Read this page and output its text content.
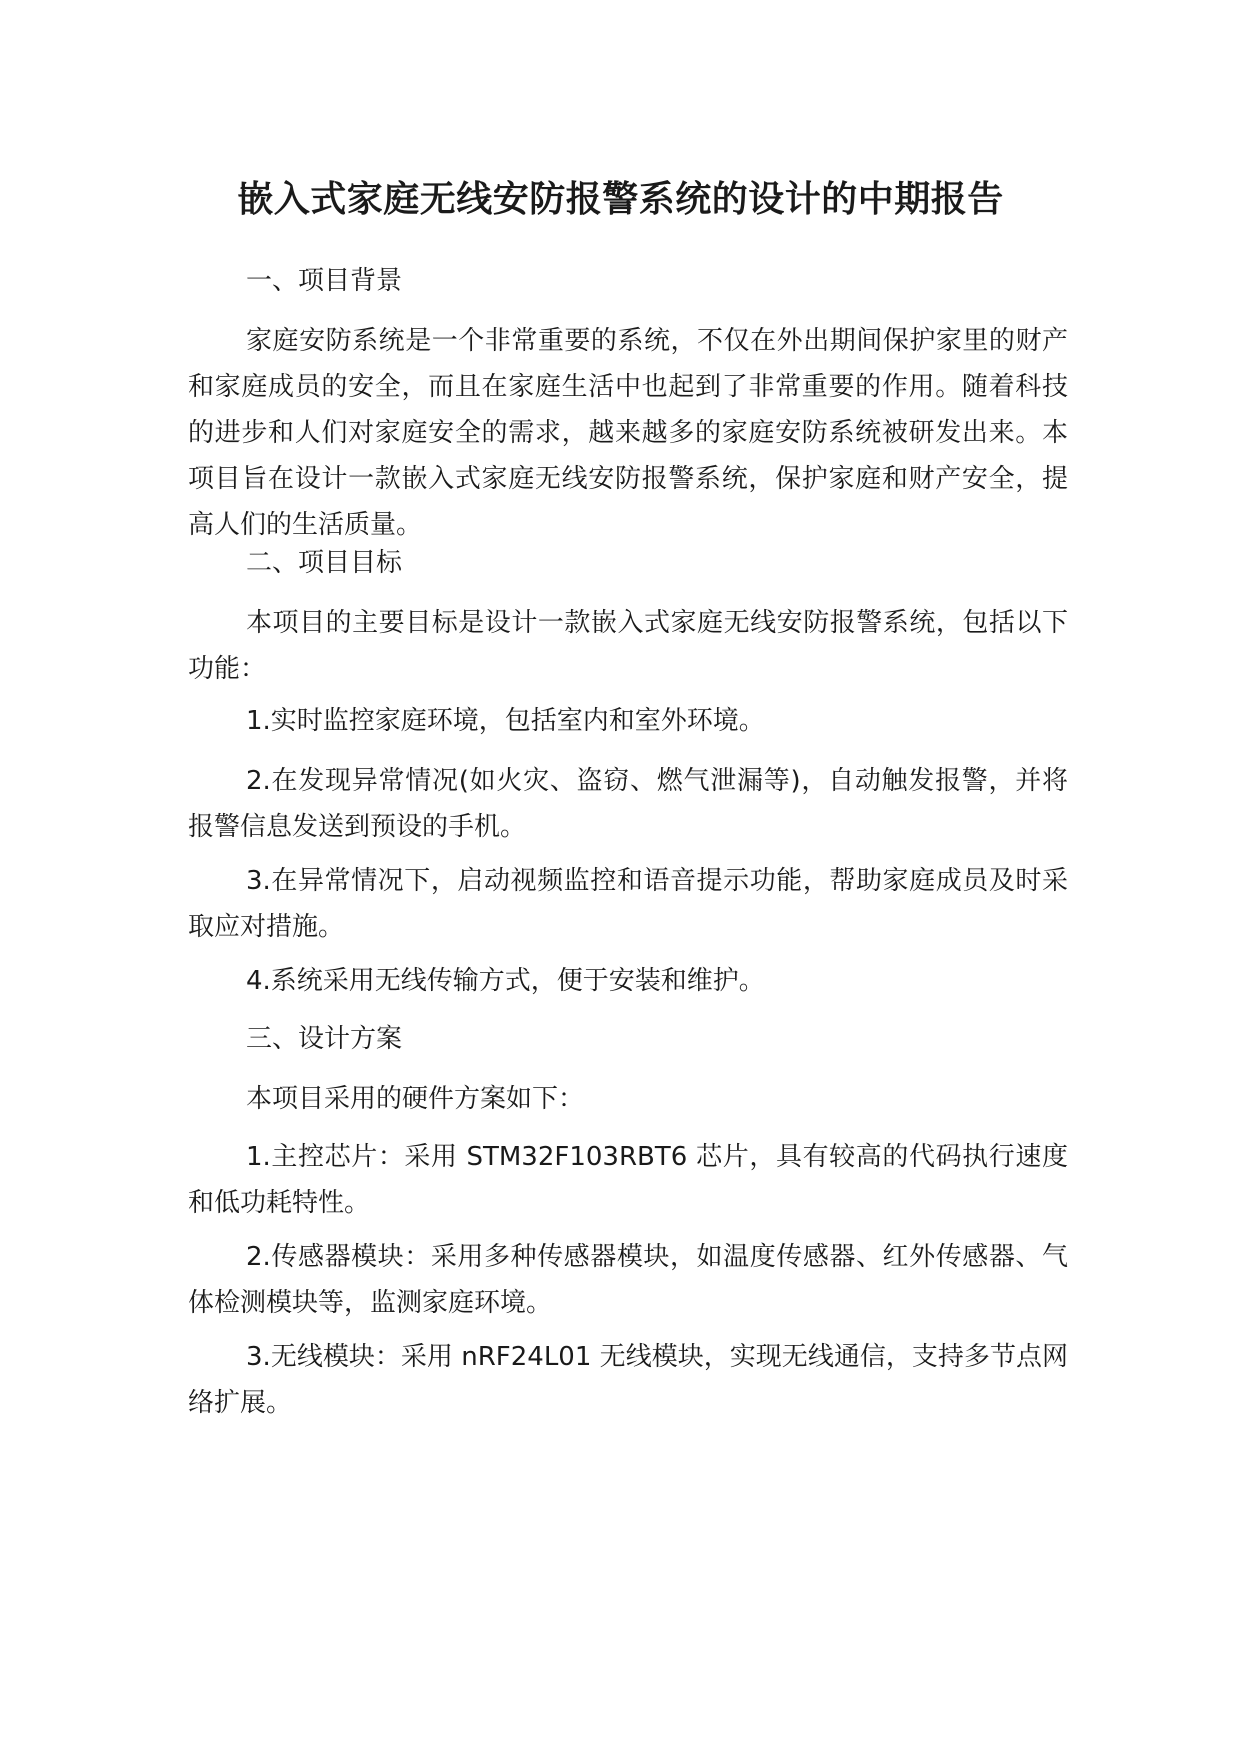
嵌入式家庭无线安防报警系统的设计的中期报告

一、项目背景

家庭安防系统是一个非常重要的系统，不仅在外出期间保护家里的财产和家庭成员的安全，而且在家庭生活中也起到了非常重要的作用。随着科技的进步和人们对家庭安全的需求，越来越多的家庭安防系统被研发出来。本项目旨在设计一款嵌入式家庭无线安防报警系统，保护家庭和财产安全，提高人们的生活质量。

二、项目目标

本项目的主要目标是设计一款嵌入式家庭无线安防报警系统，包括以下功能：

1.实时监控家庭环境，包括室内和室外环境。

2.在发现异常情况(如火灾、盗窃、燃气泄漏等)，自动触发报警，并将报警信息发送到预设的手机。

3.在异常情况下，启动视频监控和语音提示功能，帮助家庭成员及时采取应对措施。

4.系统采用无线传输方式，便于安装和维护。

三、设计方案

本项目采用的硬件方案如下：

1.主控芯片：采用 STM32F103RBT6 芯片，具有较高的代码执行速度和低功耗特性。

2.传感器模块：采用多种传感器模块，如温度传感器、红外传感器、气体检测模块等，监测家庭环境。

3.无线模块：采用 nRF24L01 无线模块，实现无线通信，支持多节点网络扩展。
